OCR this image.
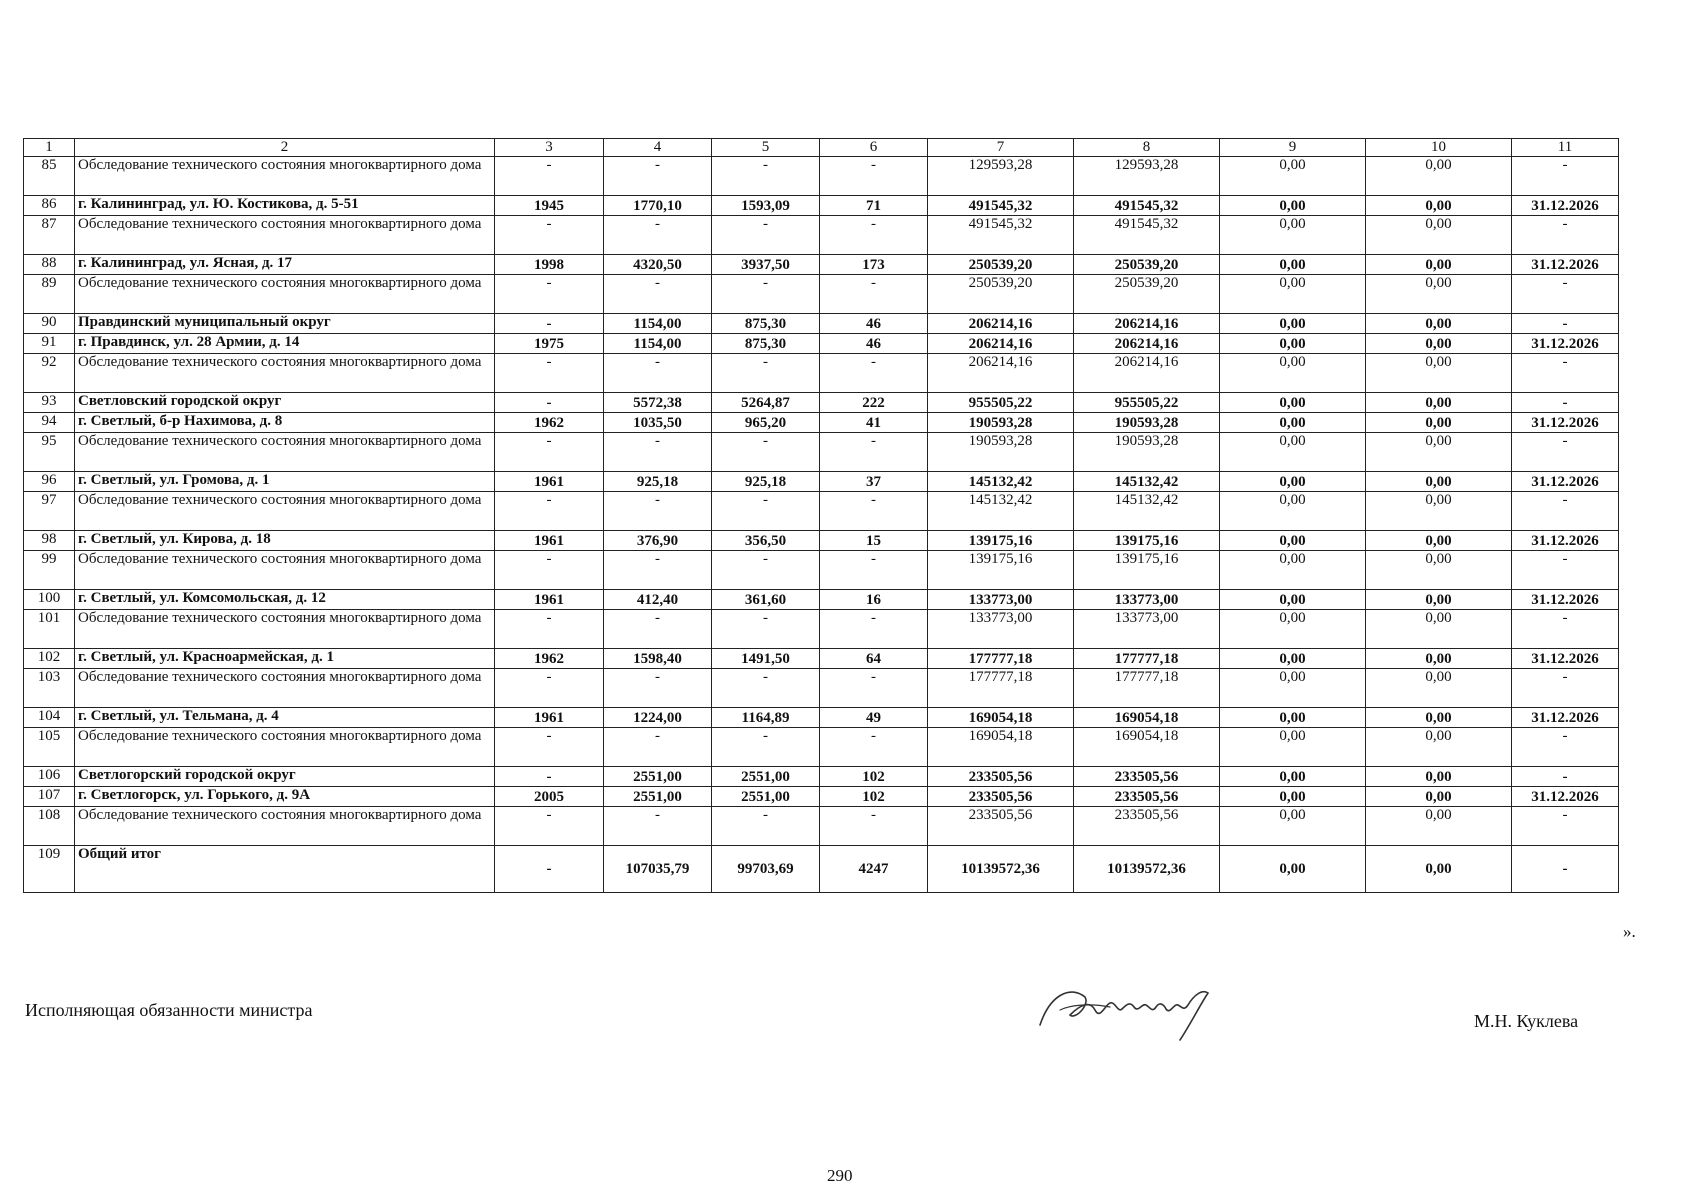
1	2	3	4	5	6	7	8	9	10	11
85	Обследование технического состояния многоквартирного дома	-	-	-	-	129593,28	129593,28	0,00	0,00	-
86	г. Калининград, ул. Ю. Костикова, д. 5-51	1945	1770,10	1593,09	71	491545,32	491545,32	0,00	0,00	31.12.2026
87	Обследование технического состояния многоквартирного дома	-	-	-	-	491545,32	491545,32	0,00	0,00	-
88	г. Калининград, ул. Ясная, д. 17	1998	4320,50	3937,50	173	250539,20	250539,20	0,00	0,00	31.12.2026
89	Обследование технического состояния многоквартирного дома	-	-	-	-	250539,20	250539,20	0,00	0,00	-
90	Правдинский муниципальный округ	-	1154,00	875,30	46	206214,16	206214,16	0,00	0,00	-
91	г. Правдинск, ул. 28 Армии, д. 14	1975	1154,00	875,30	46	206214,16	206214,16	0,00	0,00	31.12.2026
92	Обследование технического состояния многоквартирного дома	-	-	-	-	206214,16	206214,16	0,00	0,00	-
93	Светловский городской округ	-	5572,38	5264,87	222	955505,22	955505,22	0,00	0,00	-
94	г. Светлый, б-р Нахимова, д. 8	1962	1035,50	965,20	41	190593,28	190593,28	0,00	0,00	31.12.2026
95	Обследование технического состояния многоквартирного дома	-	-	-	-	190593,28	190593,28	0,00	0,00	-
96	г. Светлый, ул. Громова, д. 1	1961	925,18	925,18	37	145132,42	145132,42	0,00	0,00	31.12.2026
97	Обследование технического состояния многоквартирного дома	-	-	-	-	145132,42	145132,42	0,00	0,00	-
98	г. Светлый, ул. Кирова, д. 18	1961	376,90	356,50	15	139175,16	139175,16	0,00	0,00	31.12.2026
99	Обследование технического состояния многоквартирного дома	-	-	-	-	139175,16	139175,16	0,00	0,00	-
100	г. Светлый, ул. Комсомольская, д. 12	1961	412,40	361,60	16	133773,00	133773,00	0,00	0,00	31.12.2026
101	Обследование технического состояния многоквартирного дома	-	-	-	-	133773,00	133773,00	0,00	0,00	-
102	г. Светлый, ул. Красноармейская, д. 1	1962	1598,40	1491,50	64	177777,18	177777,18	0,00	0,00	31.12.2026
103	Обследование технического состояния многоквартирного дома	-	-	-	-	177777,18	177777,18	0,00	0,00	-
104	г. Светлый, ул. Тельмана, д. 4	1961	1224,00	1164,89	49	169054,18	169054,18	0,00	0,00	31.12.2026
105	Обследование технического состояния многоквартирного дома	-	-	-	-	169054,18	169054,18	0,00	0,00	-
106	Светлогорский городской округ	-	2551,00	2551,00	102	233505,56	233505,56	0,00	0,00	-
107	г. Светлогорск, ул. Горького, д. 9А	2005	2551,00	2551,00	102	233505,56	233505,56	0,00	0,00	31.12.2026
108	Обследование технического состояния многоквартирного дома	-	-	-	-	233505,56	233505,56	0,00	0,00	-
109	Общий итог	-	107035,79	99703,69	4247	10139572,36	10139572,36	0,00	0,00	-
».
Исполняющая обязанности министра
М.Н. Куклева
290
